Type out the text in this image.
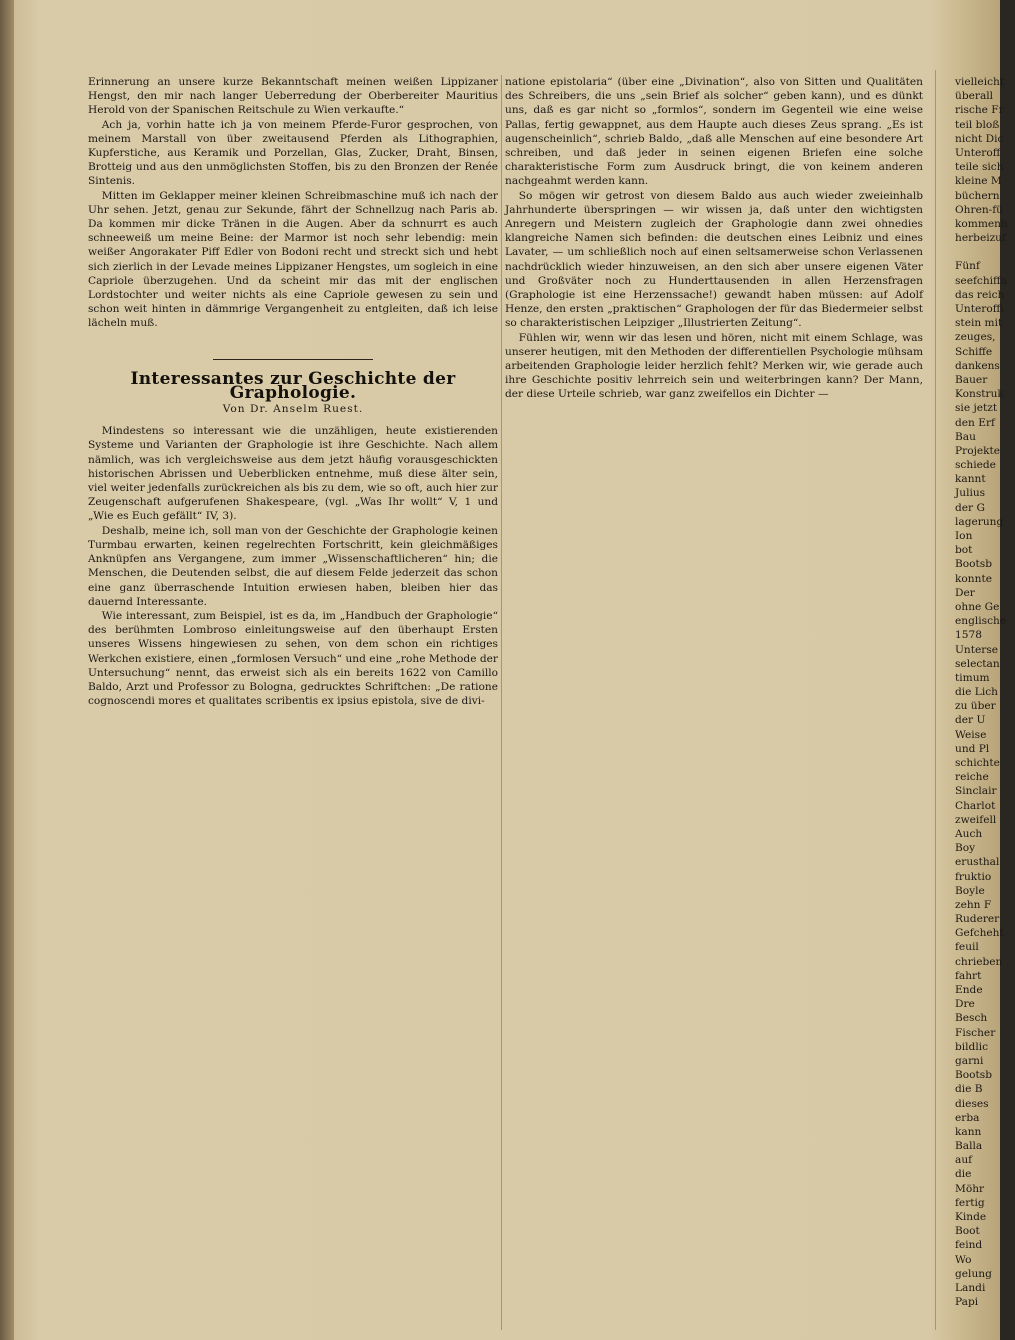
Erinnerung an unsere kurze Bekanntschaft meinen weißen Lippizaner Hengst, den mir nach langer Ueberredung der Oberbereiter Mauritius Herold von der Spanischen Reitschule zu Wien verkaufte.“

Ach ja, vorhin hatte ich ja von meinem Pferde-Furor gesprochen, von meinem Marstall von über zweitausend Pferden als Lithographien, Kupferstiche, aus Keramik und Porzellan, Glas, Zucker, Draht, Binsen, Brotteig und aus den unmöglichsten Stoffen, bis zu den Bronzen der Renée Sintenis.

Mitten im Geklapper meiner kleinen Schreibmaschine muß ich nach der Uhr sehen. Jetzt, genau zur Sekunde, fährt der Schnellzug nach Paris ab. Da kommen mir dicke Tränen in die Augen. Aber da schnurrt es auch schneeweiß um meine Beine: der Marmor ist noch sehr lebendig: mein weißer Angorakater Piff Edler von Bodoni recht und streckt sich und hebt sich zierlich in der Levade meines Lippizaner Hengstes, um sogleich in eine Capriole überzugehen. Und da scheint mir das mit der englischen Lordstochter und weiter nichts als eine Capriole gewesen zu sein und schon weit hinten in dämmrige Vergangenheit zu entgleiten, daß ich leise lächeln muß.

Interessantes zur Geschichte der Graphologie.
Von Dr. Anselm Ruest.

Mindestens so interessant wie die unzähligen, heute existierenden Systeme und Varianten der Graphologie ist ihre Geschichte. Nach allem nämlich, was ich vergleichsweise aus dem jetzt häufig vorausgeschickten historischen Abrissen und Ueberblicken entnehme, muß diese älter sein, viel weiter jedenfalls zurückreichen als bis zu dem, wie so oft, auch hier zur Zeugenschaft aufgerufenen Shakespeare, (vgl. „Was Ihr wollt“ V, 1 und „Wie es Euch gefällt“ IV, 3).

Deshalb, meine ich, soll man von der Geschichte der Graphologie keinen Turmbau erwarten, keinen regelrechten Fortschritt, kein gleichmäßiges Anknüpfen ans Vergangene, zum immer „Wissenschaftlicheren“ hin; die Menschen, die Deutenden selbst, die auf diesem Felde jederzeit das schon eine ganz überraschende Intuition erwiesen haben, bleiben hier das dauernd Interessante.

Wie interessant, zum Beispiel, ist es da, im „Handbuch der Graphologie“ des berühmten Lombroso einleitungsweise auf den überhaupt Ersten unseres Wissens hingewiesen zu sehen, von dem schon ein richtiges Werkchen existiere, einen „formlosen Versuch“ und eine „rohe Methode der Untersuchung“ nennt, das erweist sich als ein bereits 1622 von Camillo Baldo, Arzt und Professor zu Bologna, gedrucktes Schriftchen: „De ratione cognoscendi mores et qualitates scribentis ex ipsius epistola, sive de divi-

natione epistolaria“ (über eine „Divination“, also von Sitten und Qualitäten des Schreibers, die uns „sein Brief als solcher“ geben kann), und es dünkt uns, daß es gar nicht so „formlos“, sondern im Gegenteil wie eine weise Pallas, fertig gewappnet, aus dem Haupte auch dieses Zeus sprang. „Es ist augenscheinlich“, schrieb Baldo, „daß alle Menschen auf eine besondere Art schreiben, und daß jeder in seinen eigenen Briefen eine solche charakteristische Form zum Ausdruck bringt, die von keinem anderen nachgeahmt werden kann.

So mögen wir getrost von diesem Baldo aus auch wieder zweieinhalb Jahrhunderte überspringen — wir wissen ja, daß unter den wichtigsten Anregern und Meistern zugleich der Graphologie dann zwei ohnedies klangreiche Namen sich befinden: die deutschen eines Leibniz und eines Lavater, — um schließlich noch auf einen seltsamerweise schon Verlassenen nachdrücklich wieder hinzuweisen, an den sich aber unsere eigenen Väter und Großväter noch zu Hunderttausenden in allen Herzensfragen (Graphologie ist eine Herzenssache!) gewandt haben müssen: auf Adolf Henze, den ersten „praktischen“ Graphologen der für das Biedermeier selbst so charakteristischen Leipziger „Illustrierten Zeitung“.

Fühlen wir, wenn wir das lesen und hören, nicht mit einem Schlage, was unserer heutigen, mit den Methoden der differentiellen Psychologie mühsam arbeitenden Graphologie leider herzlich fehlt? Merken wir, wie gerade auch ihre Geschichte positiv lehrreich sein und weiterbringen kann? Der Mann, der diese Urteile schrieb, war ganz zweifellos ein Dichter —

vielleicht
überall
rische Fr
teil bloß
nicht Dic
Unteroff
teile sich
kleine M
büchern
Ohren-fü
kommenh
herbeizuf
Fünf
seefchiffa
das reich
Unteroffi
stein mit
zeuges,
Schiffe
dankens
Bauer
Konstruk
sie jetzt
den Erf
Bau
Projekte
schiede
kannt
Julius
der G
lagerung
Ion
bot
Bootsb
konnte
Der
ohne Ge
englische
1578
Unterse
selectan
timum
die Lich
zu über
der U
Weise
und Pl
schichte
reiche
Sinclair
Charlot
zweifell
Auch
Boy
erusthal
fruktio
Boyle
zehn F
Ruderer
Gefcheht
feuil
chrieben
fahrt
Ende
Dre
Besch
Fischer
bildlic
garni
Bootsb
die B
dieses
erba
kann
Balla
auf
die
Möhr
fertig
Kinde
Boot
feind
Wo
gelung
Landi
Papi
